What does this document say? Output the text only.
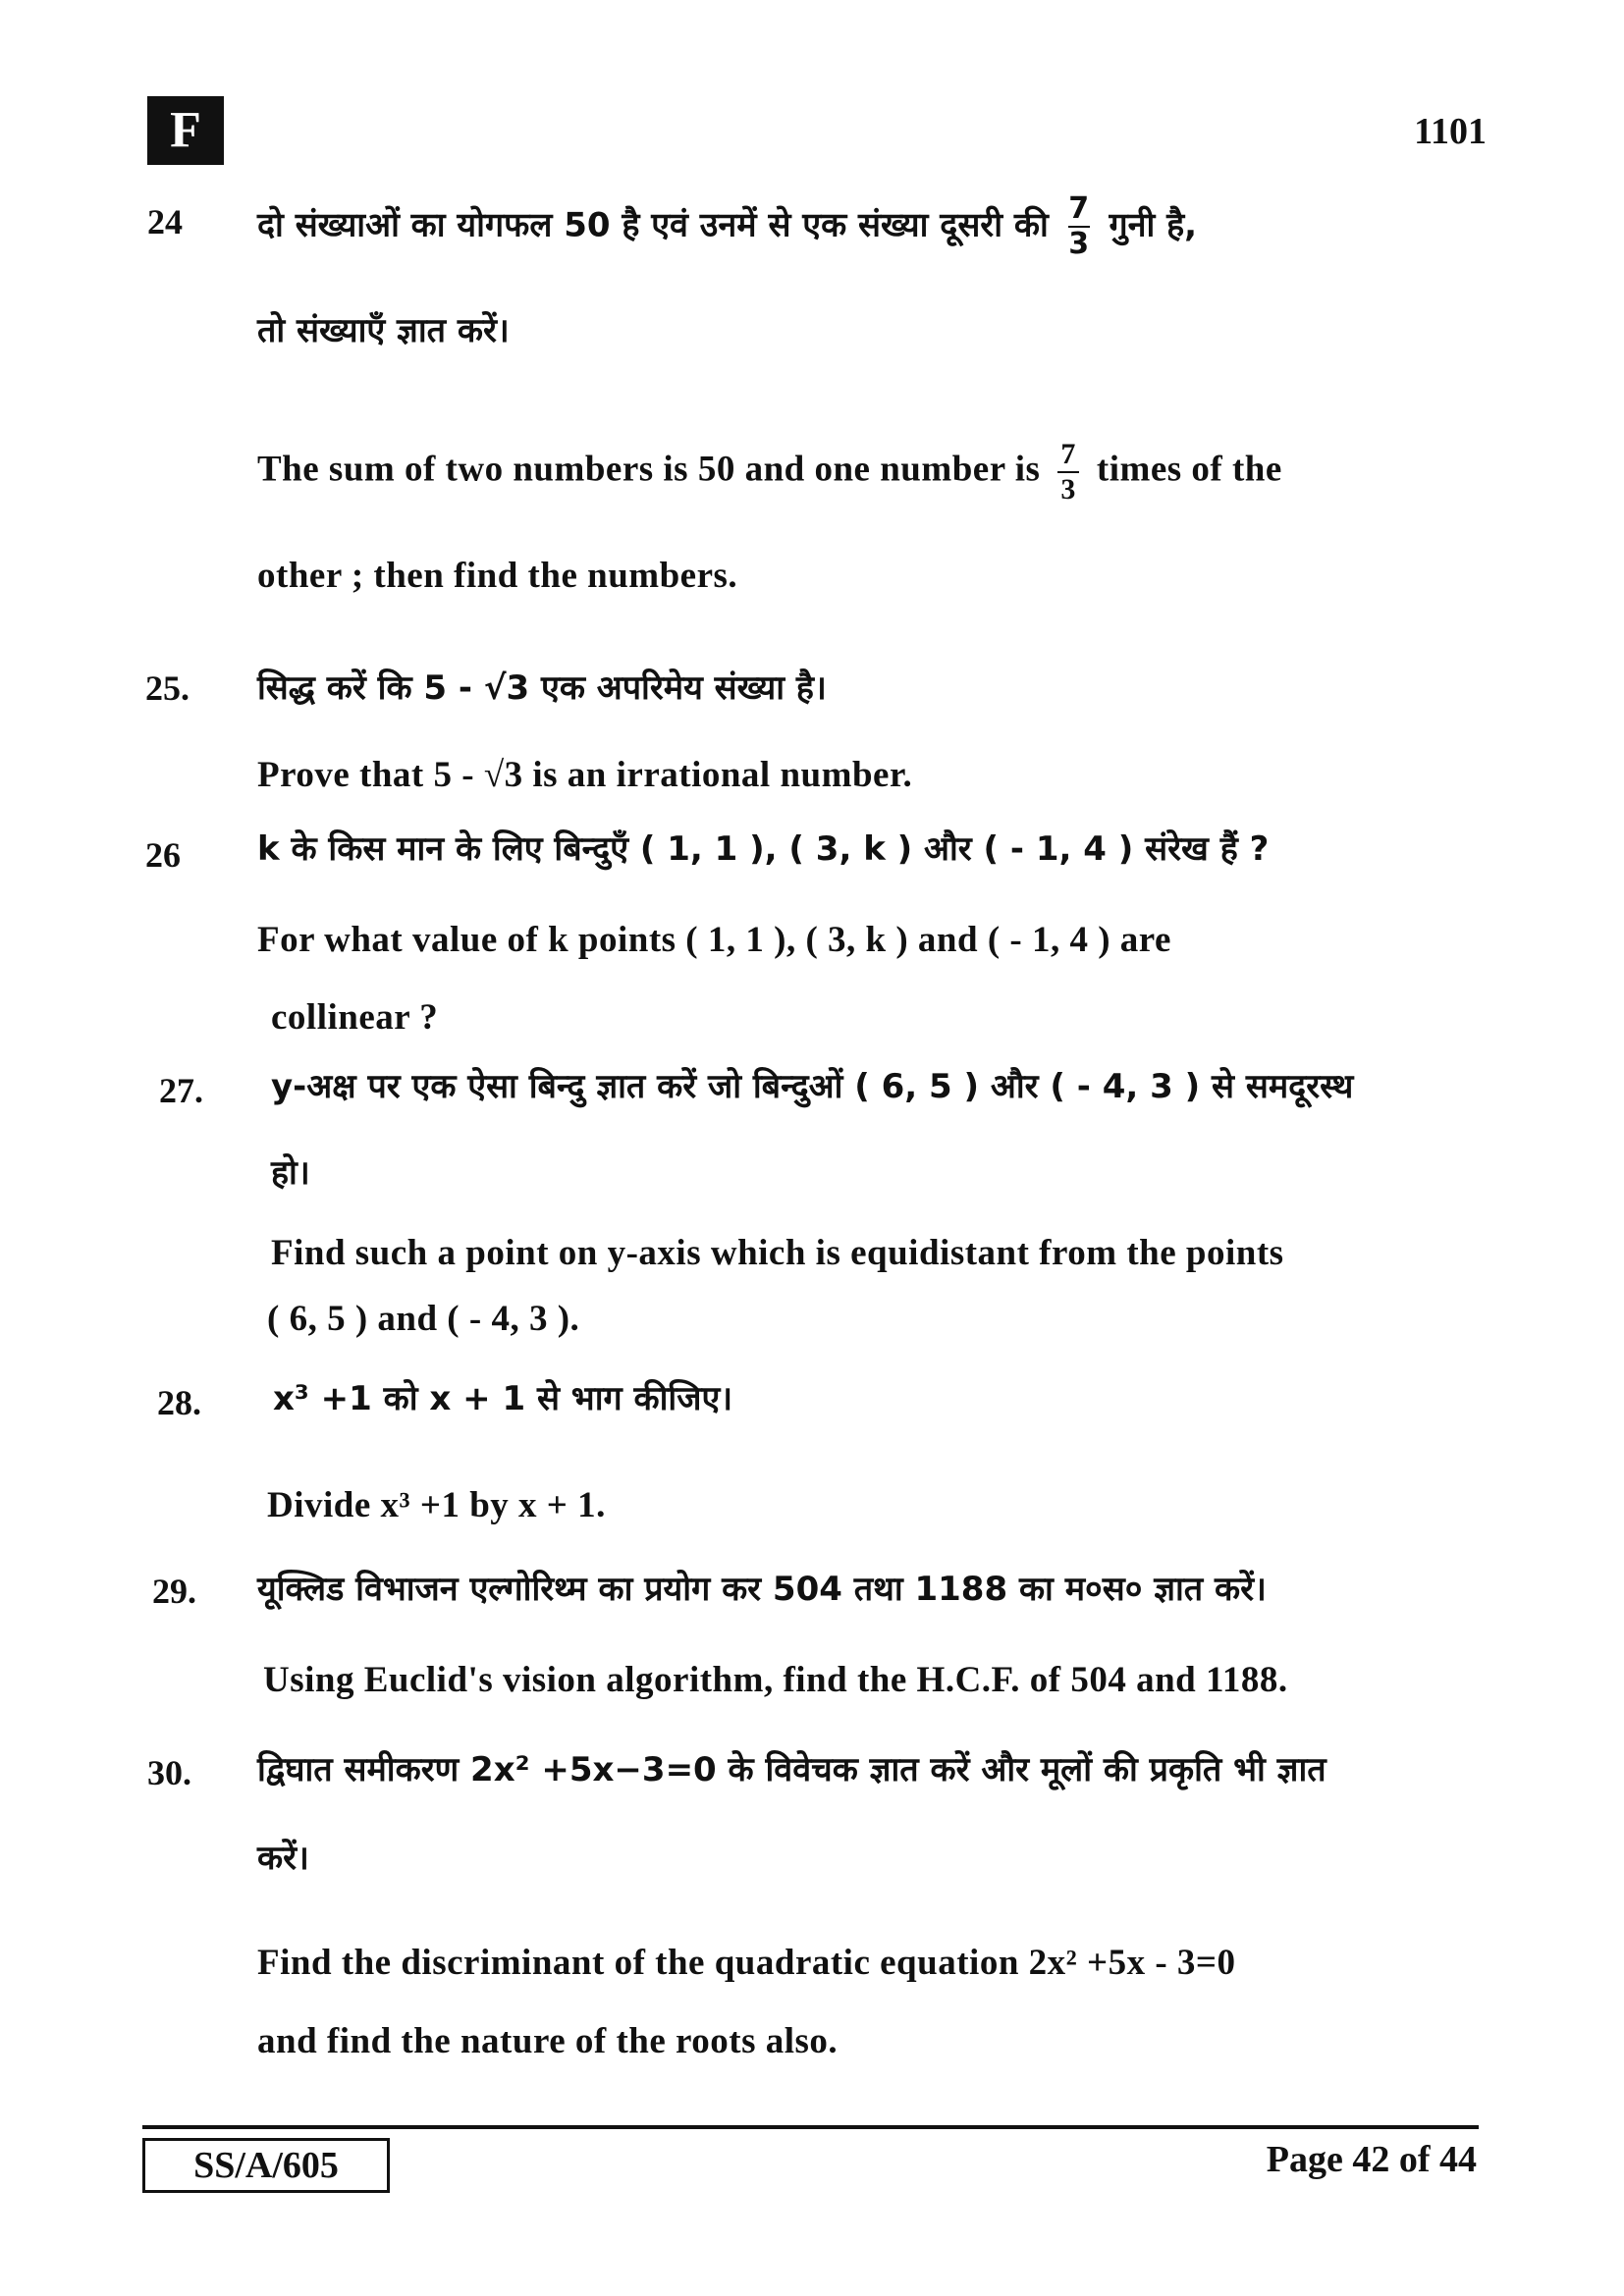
F	1101
24 दो संख्याओं का योगफल 50 है एवं उनमें से एक संख्या दूसरी की $\frac{7}{3}$ गुनी है,
तो संख्याएँ ज्ञात करें।
The sum of two numbers is 50 and one number is $\frac{7}{3}$ times of the
other ; then find the numbers.
25. सिद्ध करें कि 5 - √3 एक अपरिमेय संख्या है।
Prove that 5 - √3 is an irrational number.
26 k के किस मान के लिए बिन्दुएँ ( 1, 1 ), ( 3, k ) और ( - 1, 4 ) संरेख हैं ?
For what value of k points ( 1, 1 ), ( 3, k ) and ( - 1, 4 ) are
collinear ?
27. y-अक्ष पर एक ऐसा बिन्दु ज्ञात करें जो बिन्दुओं ( 6, 5 ) और ( - 4, 3 ) से समदूरस्थ
हो।
Find such a point on y-axis which is equidistant from the points
( 6, 5 ) and ( - 4, 3 ).
28. x³ +1 को x + 1 से भाग कीजिए।
Divide x³ +1 by x + 1.
29. यूक्लिड विभाजन एल्गोरिथ्म का प्रयोग कर 504 तथा 1188 का म०स० ज्ञात करें।
Using Euclid's vision algorithm, find the H.C.F. of 504 and 1188.
30. द्विघात समीकरण 2x² +5x−3=0 के विवेचक ज्ञात करें और मूलों की प्रकृति भी ज्ञात
करें।
Find the discriminant of the quadratic equation 2x² +5x - 3=0
and find the nature of the roots also.
SS/A/605	Page 42 of 44
